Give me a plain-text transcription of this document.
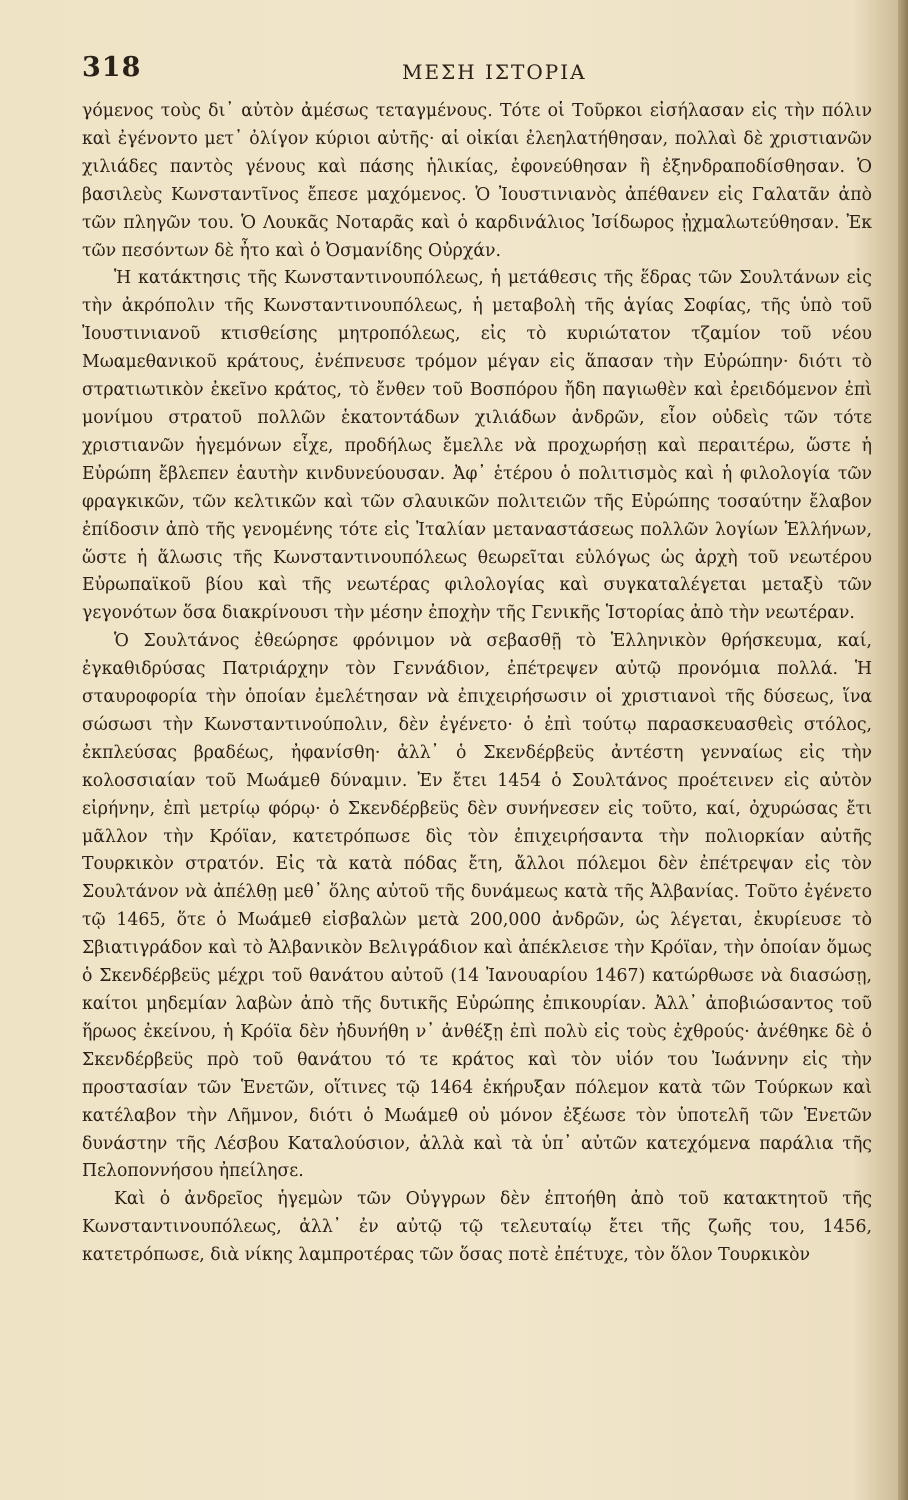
318	ΜΕΣΗ ΙΣΤΟΡΙΑ

γόμενος τοὺς δι᾽ αὐτὸν ἀμέσως τεταγμένους. Τότε οἱ Τοῦρκοι εἰσήλασαν εἰς τὴν πόλιν καὶ ἐγένοντο μετ᾽ ὀλίγον κύριοι αὐτῆς· αἱ οἰκίαι ἐλεηλατήθησαν, πολλαὶ δὲ χριστιανῶν χιλιάδες παντὸς γένους καὶ πάσης ἡλικίας, ἐφονεύθησαν ἢ ἐξηνδραποδίσθησαν. Ὁ βασιλεὺς Κωνσταντῖνος ἔπεσε μαχόμενος. Ὁ Ἰουστινιανὸς ἀπέθανεν εἰς Γαλατᾶν ἀπὸ τῶν πληγῶν του. Ὁ Λουκᾶς Νοταρᾶς καὶ ὁ καρδινάλιος Ἰσίδωρος ᾐχμαλωτεύθησαν. Ἐκ τῶν πεσόντων δὲ ἦτο καὶ ὁ Ὀσμανίδης Οὐρχάν.

Ἡ κατάκτησις τῆς Κωνσταντινουπόλεως, ἡ μετάθεσις τῆς ἕδρας τῶν Σουλτάνων εἰς τὴν ἀκρόπολιν τῆς Κωνσταντινουπόλεως, ἡ μεταβολὴ τῆς ἁγίας Σοφίας, τῆς ὑπὸ τοῦ Ἰουστινιανοῦ κτισθείσης μητροπόλεως, εἰς τὸ κυριώτατον τζαμίον τοῦ νέου Μωαμεθανικοῦ κράτους, ἐνέπνευσε τρόμον μέγαν εἰς ἅπασαν τὴν Εὐρώπην· διότι τὸ στρατιωτικὸν ἐκεῖνο κράτος, τὸ ἔνθεν τοῦ Βοσπόρου ἤδη παγιωθὲν καὶ ἐρειδόμενον ἐπὶ μονίμου στρατοῦ πολλῶν ἑκατοντάδων χιλιάδων ἀνδρῶν, εἶον οὐδεὶς τῶν τότε χριστιανῶν ἡγεμόνων εἶχε, προδήλως ἔμελλε νὰ προχωρήσῃ καὶ περαιτέρω, ὥστε ἡ Εὐρώπη ἔβλεπεν ἑαυτὴν κινδυνεύουσαν. Ἀφ᾽ ἑτέρου ὁ πολιτισμὸς καὶ ἡ φιλολογία τῶν φραγκικῶν, τῶν κελτικῶν καὶ τῶν σλαυικῶν πολιτειῶν τῆς Εὐρώπης τοσαύτην ἔλαβον ἐπίδοσιν ἀπὸ τῆς γενομένης τότε εἰς Ἰταλίαν μεταναστάσεως πολλῶν λογίων Ἑλλήνων, ὥστε ἡ ἅλωσις τῆς Κωνσταντινουπόλεως θεωρεῖται εὐλόγως ὡς ἀρχὴ τοῦ νεωτέρου Εὐρωπαϊκοῦ βίου καὶ τῆς νεωτέρας φιλολογίας καὶ συγκαταλέγεται μεταξὺ τῶν γεγονότων ὅσα διακρίνουσι τὴν μέσην ἐποχὴν τῆς Γενικῆς Ἱστορίας ἀπὸ τὴν νεωτέραν.

Ὁ Σουλτάνος ἐθεώρησε φρόνιμον νὰ σεβασθῇ τὸ Ἑλληνικὸν θρήσκευμα, καί, ἐγκαθιδρύσας Πατριάρχην τὸν Γεννάδιον, ἐπέτρεψεν αὐτῷ προνόμια πολλά. Ἡ σταυροφορία τὴν ὁποίαν ἐμελέτησαν νὰ ἐπιχειρήσωσιν οἱ χριστιανοὶ τῆς δύσεως, ἵνα σώσωσι τὴν Κωνσταντινούπολιν, δὲν ἐγένετο· ὁ ἐπὶ τούτῳ παρασκευασθεὶς στόλος, ἐκπλεύσας βραδέως, ἠφανίσθη· ἀλλ᾽ ὁ Σκενδέρβεϋς ἀντέστη γενναίως εἰς τὴν κολοσσιαίαν τοῦ Μωάμεθ δύναμιν. Ἐν ἔτει 1454 ὁ Σουλτάνος προέτεινεν εἰς αὐτὸν εἰρήνην, ἐπὶ μετρίῳ φόρῳ· ὁ Σκενδέρβεϋς δὲν συνήνεσεν εἰς τοῦτο, καί, ὀχυρώσας ἔτι μᾶλλον τὴν Κρόϊαν, κατετρόπωσε δὶς τὸν ἐπιχειρήσαντα τὴν πολιορκίαν αὐτῆς Τουρκικὸν στρατόν. Εἰς τὰ κατὰ πόδας ἔτη, ἄλλοι πόλεμοι δὲν ἐπέτρεψαν εἰς τὸν Σουλτάνον νὰ ἀπέλθῃ μεθ᾽ ὅλης αὐτοῦ τῆς δυνάμεως κατὰ τῆς Ἀλβανίας. Τοῦτο ἐγένετο τῷ 1465, ὅτε ὁ Μωάμεθ εἰσβαλὼν μετὰ 200,000 ἀνδρῶν, ὡς λέγεται, ἐκυρίευσε τὸ Σβιατιγράδον καὶ τὸ Ἀλβανικὸν Βελιγράδιον καὶ ἀπέκλεισε τὴν Κρόϊαν, τὴν ὁποίαν ὅμως ὁ Σκενδέρβεϋς μέχρι τοῦ θανάτου αὐτοῦ (14 Ἰανουαρίου 1467) κατώρθωσε νὰ διασώσῃ, καίτοι μηδεμίαν λαβὼν ἀπὸ τῆς δυτικῆς Εὐρώπης ἐπικουρίαν. Ἀλλ᾽ ἀποβιώσαντος τοῦ ἥρωος ἐκείνου, ἡ Κρόϊα δὲν ἠδυνήθη ν᾽ ἀνθέξῃ ἐπὶ πολὺ εἰς τοὺς ἐχθρούς· ἀνέθηκε δὲ ὁ Σκενδέρβεϋς πρὸ τοῦ θανάτου τό τε κράτος καὶ τὸν υἱόν του Ἰωάννην εἰς τὴν προστασίαν τῶν Ἑνετῶν, οἵτινες τῷ 1464 ἐκήρυξαν πόλεμον κατὰ τῶν Τούρκων καὶ κατέλαβον τὴν Λῆμνον, διότι ὁ Μωάμεθ οὐ μόνον ἐξέωσε τὸν ὑποτελῆ τῶν Ἑνετῶν δυνάστην τῆς Λέσβου Καταλούσιον, ἀλλὰ καὶ τὰ ὑπ᾽ αὐτῶν κατεχόμενα παράλια τῆς Πελοποννήσου ἠπείλησε.

Καὶ ὁ ἀνδρεῖος ἡγεμὼν τῶν Οὐγγρων δὲν ἐπτοήθη ἀπὸ τοῦ κατακτητοῦ τῆς Κωνσταντινουπόλεως, ἀλλ᾽ ἐν αὐτῷ τῷ τελευταίῳ ἔτει τῆς ζωῆς του, 1456, κατετρόπωσε, διὰ νίκης λαμπροτέρας τῶν ὅσας ποτὲ ἐπέτυχε, τὸν ὅλον Τουρκικὸν
